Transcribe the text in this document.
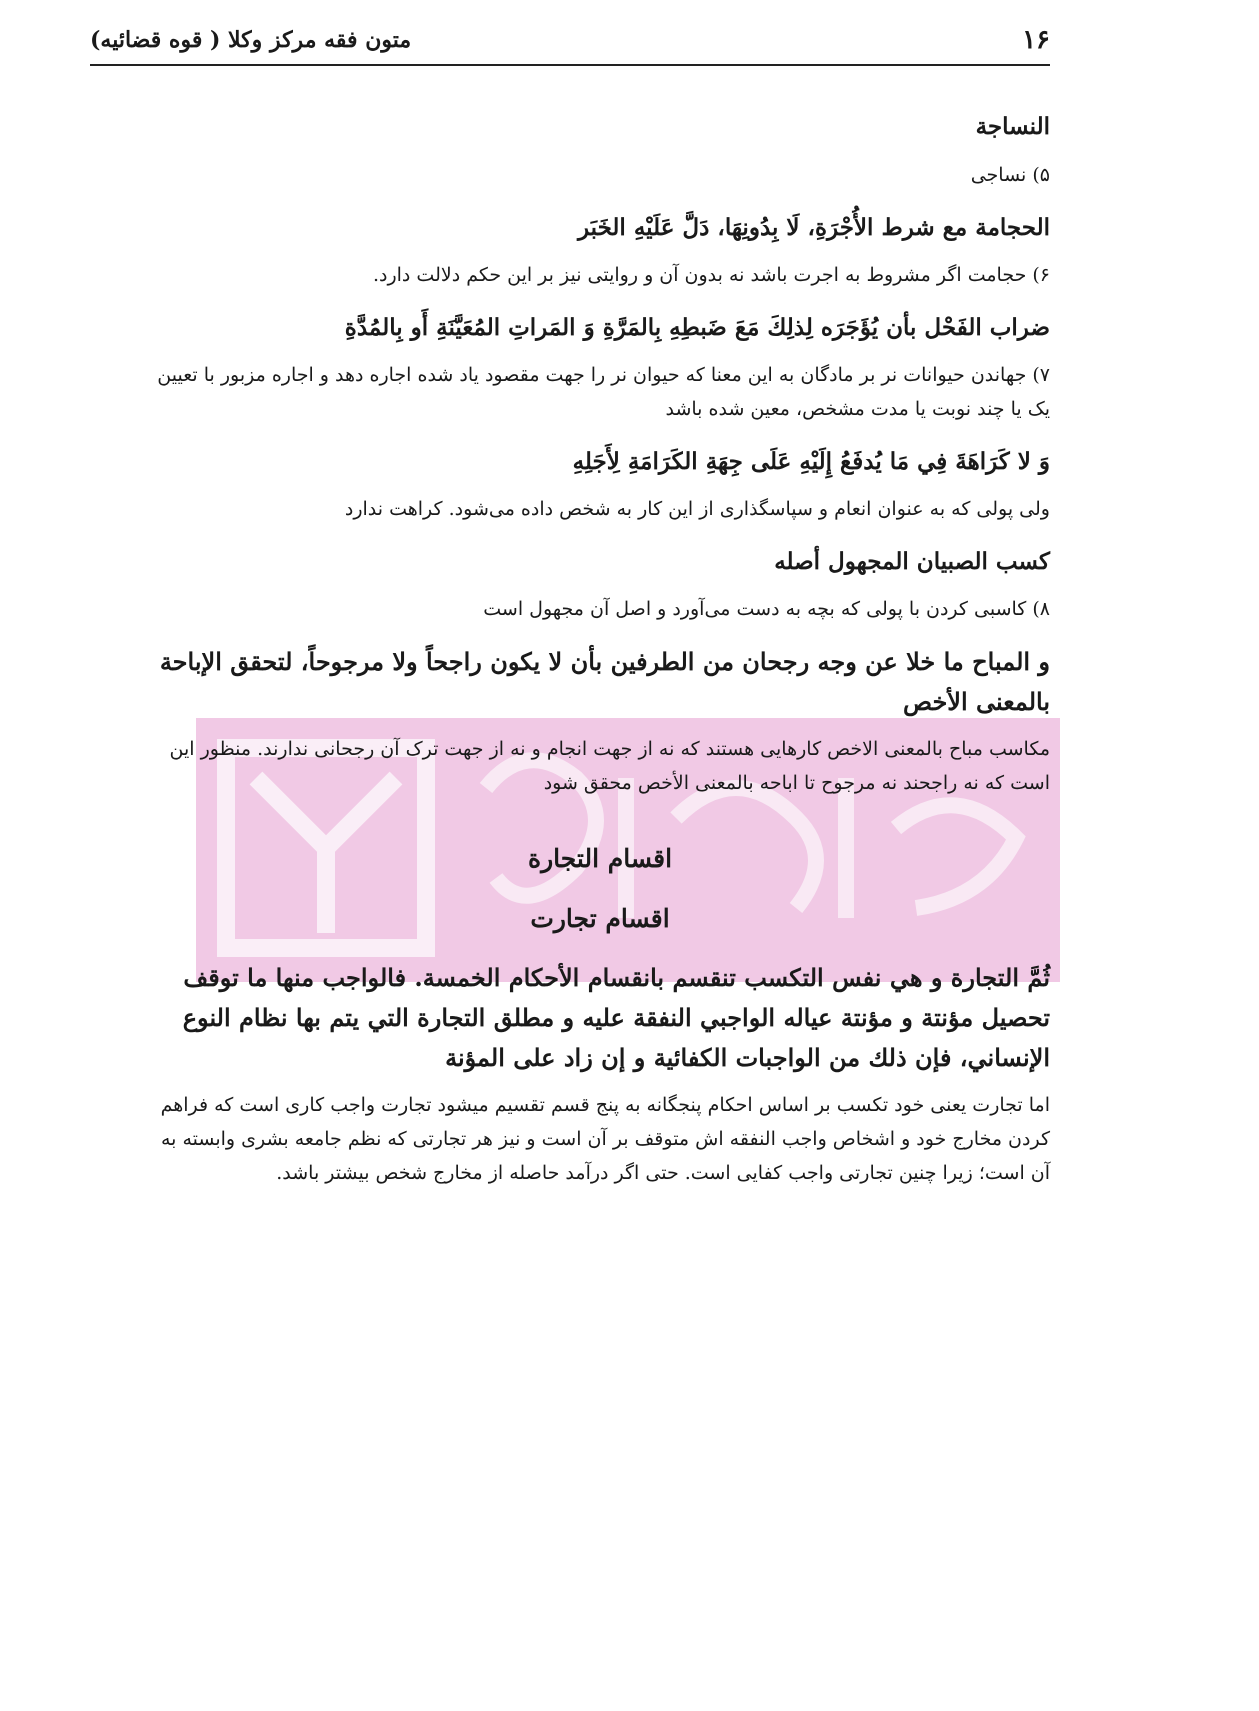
۱۶
متون فقه مرکز وکلا ( قوه قضائیه)

النساجة

۵) نساجی

الحجامة مع شرط الأُجْرَةِ، لَا بِدُونِهَا، دَلَّ عَلَيْهِ الخَبَر

۶) حجامت اگر مشروط به اجرت باشد نه بدون آن و روایتی نیز بر این حکم دلالت دارد.

ضراب الفَحْل بأن يُؤَجَرَه لِذلِكَ مَعَ ضَبطِهِ بِالمَرَّةِ وَ المَراتِ المُعَيَّنَةِ أَو بِالمُدَّةِ

۷) جهاندن حیوانات نر بر مادگان به این معنا که حیوان نر را جهت مقصود یاد شده اجاره دهد و اجاره مزبور با تعیین یک یا چند نوبت یا مدت مشخص، معین شده باشد

وَ لا كَرَاهَةَ فِي مَا يُدفَعُ إِلَيْهِ عَلَى جِهَةِ الكَرَامَةِ لِأَجَلِهِ

ولی پولی که به عنوان انعام و سپاسگذاری از این کار به شخص داده می‌شود. کراهت ندارد

كسب الصبيان المجهول أصله

۸) کاسبی کردن با پولی که بچه به دست می‌آورد و اصل آن مجهول است

و المباح ما خلا عن وجه رجحان من الطرفين بأن لا يكون راجحاً ولا مرجوحاً، لتحقق الإباحة بالمعنى الأخص

مکاسب مباح بالمعنی الاخص کارهایی هستند که نه از جهت انجام و نه از جهت ترک آن رجحانی ندارند. منظور این است که نه راجحند نه مرجوح تا اباحه بالمعنی الأخص محقق شود

اقسام التجارة

اقسام تجارت

ثُمَّ التجارة و هي نفس التكسب تنقسم بانقسام الأحكام الخمسة. فالواجب منها ما توقف تحصيل مؤنتة و مؤنتة عياله الواجبي النفقة عليه و مطلق التجارة التي يتم بها نظام النوع الإنساني، فإن ذلك من الواجبات الكفائية و إن زاد على المؤنة

اما تجارت یعنی خود تکسب بر اساس احکام پنجگانه به پنج قسم تقسیم میشود تجارت واجب کاری است که فراهم کردن مخارج خود و اشخاص واجب النفقه اش متوقف بر آن است و نیز هر تجارتی که نظم جامعه بشری وابسته به آن است؛ زیرا چنین تجارتی واجب کفایی است. حتی اگر درآمد حاصله از مخارج شخص بیشتر باشد.
